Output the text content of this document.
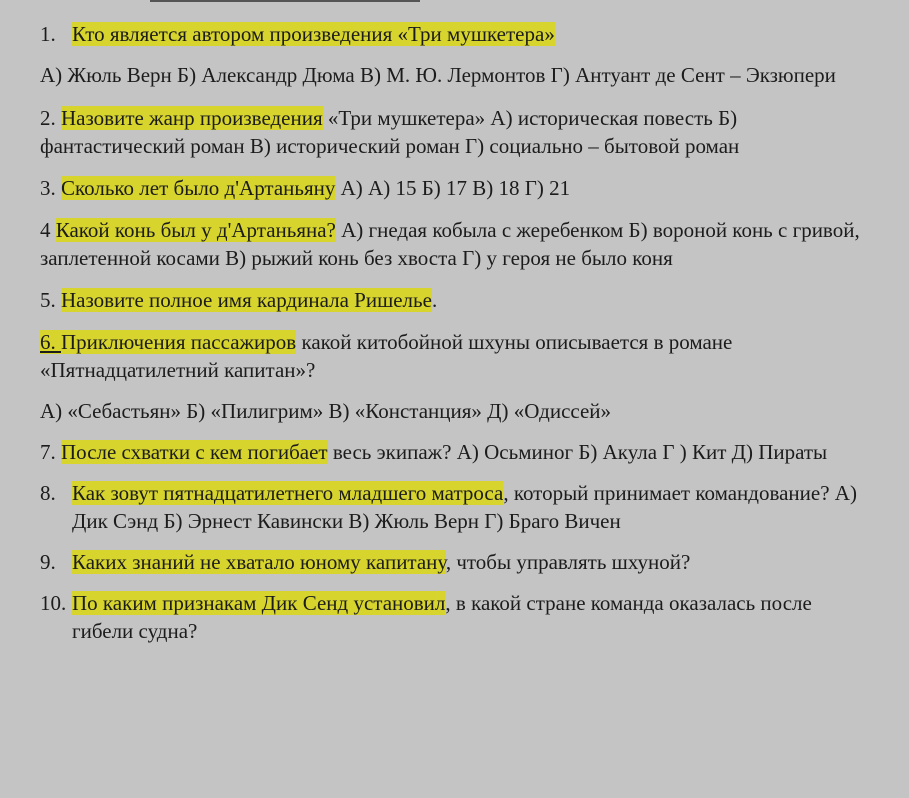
1. Кто является автором произведения «Три мушкетера»

А) Жюль Верн Б) Александр Дюма В) М. Ю. Лермонтов Г) Антуант де Сент – Экзюпери

2. Назовите жанр произведения «Три мушкетера» А) историческая повесть Б) фантастический роман В) исторический роман Г) социально – бытовой роман

3. Сколько лет было д'Артаньяну А) А) 15 Б) 17 В) 18 Г) 21

4 Какой конь был у д'Артаньяна? А) гнедая кобыла с жеребенком Б) вороной конь с гривой, заплетенной косами В) рыжий конь без хвоста Г) у героя не было коня

5. Назовите полное имя кардинала Ришелье.

6. Приключения пассажиров какой китобойной шхуны описывается в романе «Пятнадцатилетний капитан»?

А) «Себастьян» Б) «Пилигрим» В) «Констанция» Д) «Одиссей»

7. После схватки с кем погибает весь экипаж? А) Осьминог Б) Акула Г ) Кит Д) Пираты

8. Как зовут пятнадцатилетнего младшего матроса, который принимает командование? А) Дик Сэнд Б) Эрнест Кавински В) Жюль Верн Г) Браго Вичен

9. Каких знаний не хватало юному капитану, чтобы управлять шхуной?

10. По каким признакам Дик Сенд установил, в какой стране команда оказалась после гибели судна?
